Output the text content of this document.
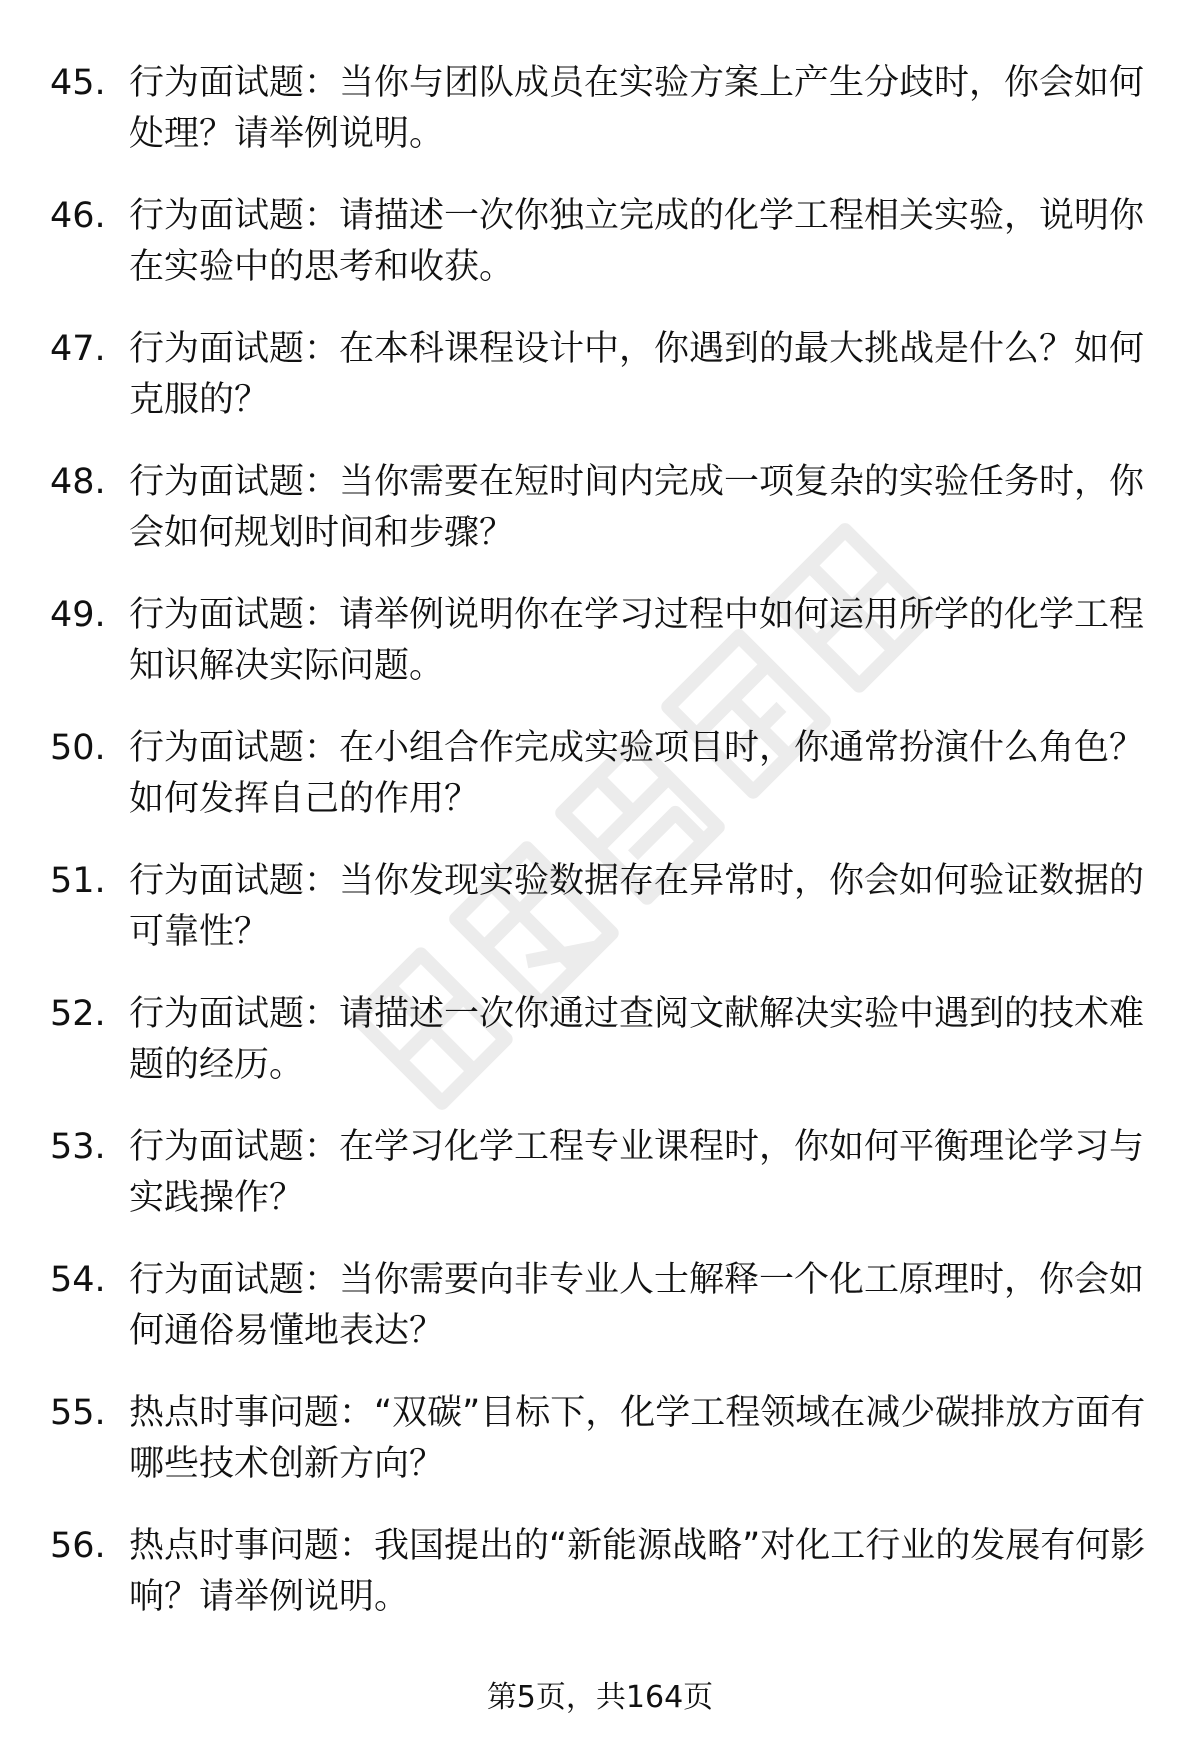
45. 行为面试题：当你与团队成员在实验方案上产生分歧时，你会如何处理？请举例说明。
46. 行为面试题：请描述一次你独立完成的化学工程相关实验，说明你在实验中的思考和收获。
47. 行为面试题：在本科课程设计中，你遇到的最大挑战是什么？如何克服的？
48. 行为面试题：当你需要在短时间内完成一项复杂的实验任务时，你会如何规划时间和步骤？
49. 行为面试题：请举例说明你在学习过程中如何运用所学的化学工程知识解决实际问题。
50. 行为面试题：在小组合作完成实验项目时，你通常扮演什么角色？如何发挥自己的作用？
51. 行为面试题：当你发现实验数据存在异常时，你会如何验证数据的可靠性？
52. 行为面试题：请描述一次你通过查阅文献解决实验中遇到的技术难题的经历。
53. 行为面试题：在学习化学工程专业课程时，你如何平衡理论学习与实践操作？
54. 行为面试题：当你需要向非专业人士解释一个化工原理时，你会如何通俗易懂地表达？
55. 热点时事问题：“双碳”目标下，化学工程领域在减少碳排放方面有哪些技术创新方向？
56. 热点时事问题：我国提出的“新能源战略”对化工行业的发展有何影响？请举例说明。
第5页，共164页
